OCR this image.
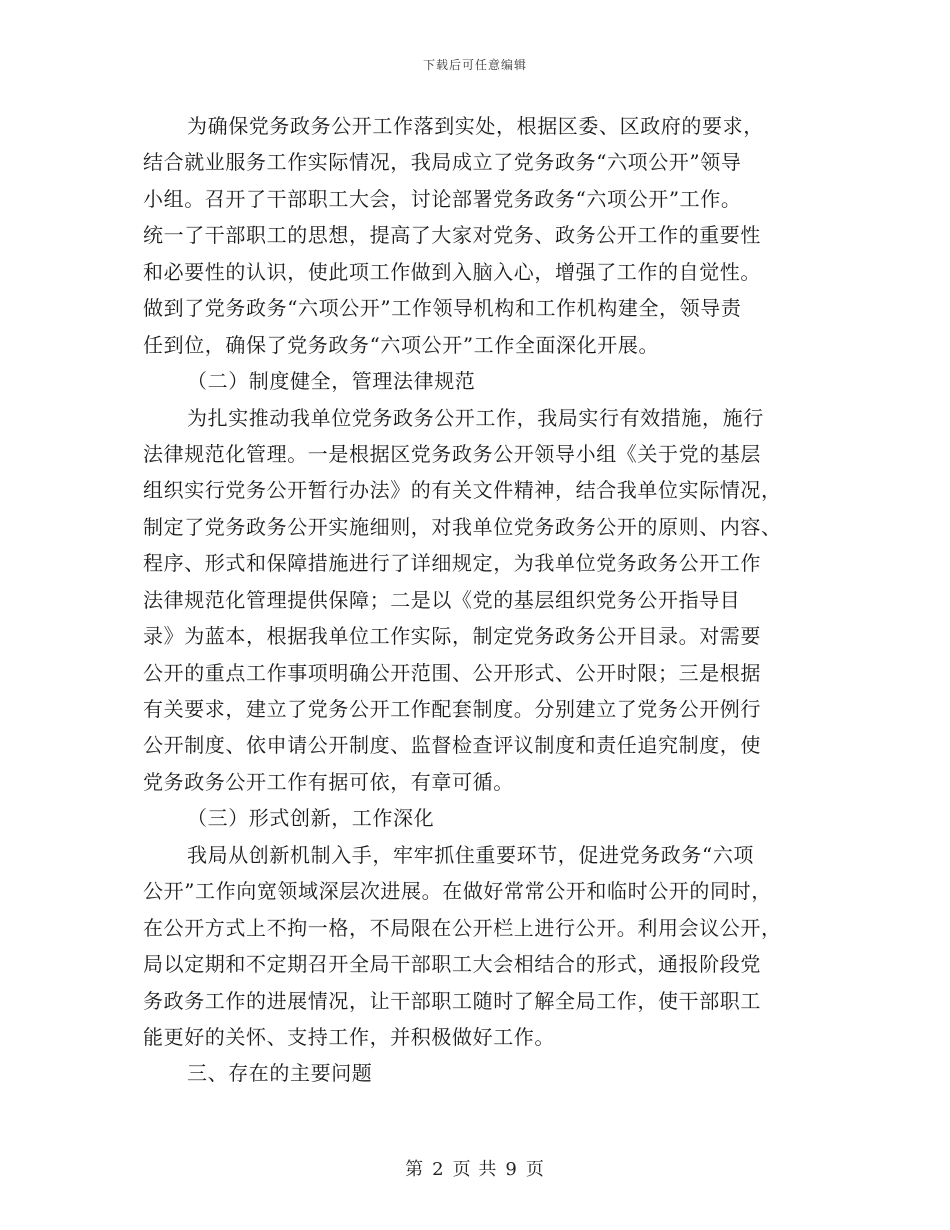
下载后可任意编辑
为确保党务政务公开工作落到实处，根据区委、区政府的要求，
结合就业服务工作实际情况，我局成立了党务政务“六项公开”领导
小组。召开了干部职工大会，讨论部署党务政务“六项公开”工作。
统一了干部职工的思想，提高了大家对党务、政务公开工作的重要性
和必要性的认识，使此项工作做到入脑入心，增强了工作的自觉性。
做到了党务政务“六项公开”工作领导机构和工作机构建全，领导责
任到位，确保了党务政务“六项公开”工作全面深化开展。
（二）制度健全，管理法律规范
为扎实推动我单位党务政务公开工作，我局实行有效措施，施行
法律规范化管理。一是根据区党务政务公开领导小组《关于党的基层
组织实行党务公开暂行办法》的有关文件精神，结合我单位实际情况，
制定了党务政务公开实施细则，对我单位党务政务公开的原则、内容、
程序、形式和保障措施进行了详细规定，为我单位党务政务公开工作
法律规范化管理提供保障；二是以《党的基层组织党务公开指导目
录》为蓝本，根据我单位工作实际，制定党务政务公开目录。对需要
公开的重点工作事项明确公开范围、公开形式、公开时限；三是根据
有关要求，建立了党务公开工作配套制度。分别建立了党务公开例行
公开制度、依申请公开制度、监督检查评议制度和责任追究制度，使
党务政务公开工作有据可依，有章可循。
（三）形式创新，工作深化
我局从创新机制入手，牢牢抓住重要环节，促进党务政务“六项
公开”工作向宽领域深层次进展。在做好常常公开和临时公开的同时，
在公开方式上不拘一格，不局限在公开栏上进行公开。利用会议公开，
局以定期和不定期召开全局干部职工大会相结合的形式，通报阶段党
务政务工作的进展情况，让干部职工随时了解全局工作，使干部职工
能更好的关怀、支持工作，并积极做好工作。
三、存在的主要问题
第 2 页 共 9 页
